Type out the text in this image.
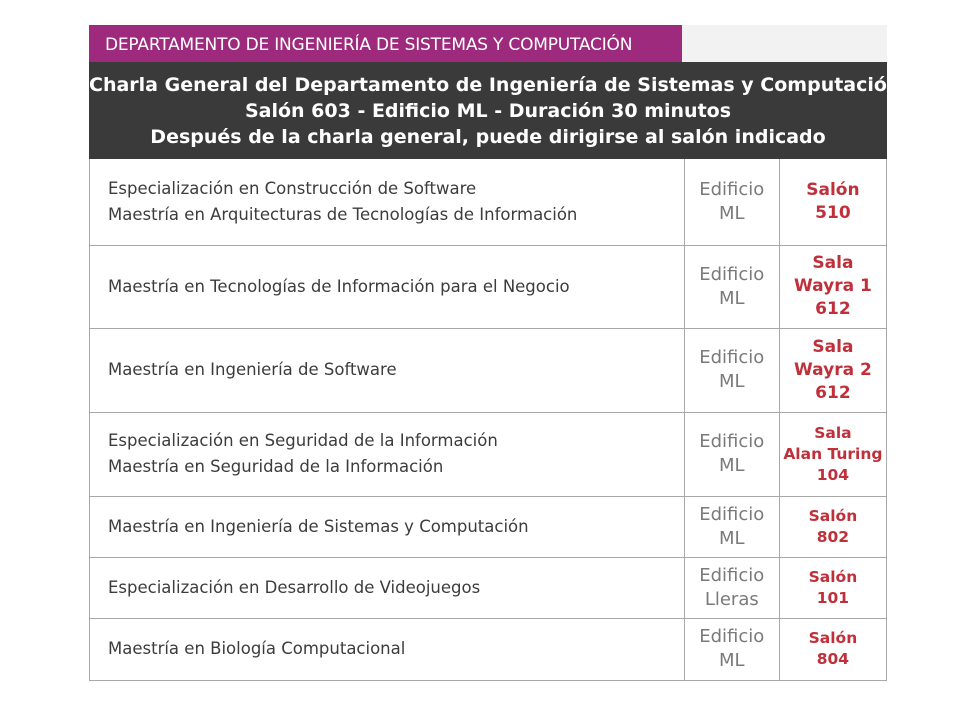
DEPARTAMENTO DE INGENIERÍA DE SISTEMAS Y COMPUTACIÓN
Charla General del Departamento de Ingeniería de Sistemas y Computación
Salón 603 - Edificio ML - Duración 30 minutos
Después de la charla general, puede dirigirse al salón indicado
Especialización en Construcción de Software
Maestría en Arquitecturas de Tecnologías de Información	Edificio
ML	Salón
510

Maestría en Tecnologías de Información para el Negocio	Edificio
ML	Sala
Wayra 1
612

Maestría en Ingeniería de Software	Edificio
ML	Sala
Wayra 2
612

Especialización en Seguridad de la Información
Maestría en Seguridad de la Información	Edificio
ML	Sala
Alan Turing
104

Maestría en Ingeniería de Sistemas y Computación	Edificio
ML	Salón
802

Especialización en Desarrollo de Videojuegos	Edificio
Lleras	Salón
101

Maestría en Biología Computacional	Edificio
ML	Salón
804
